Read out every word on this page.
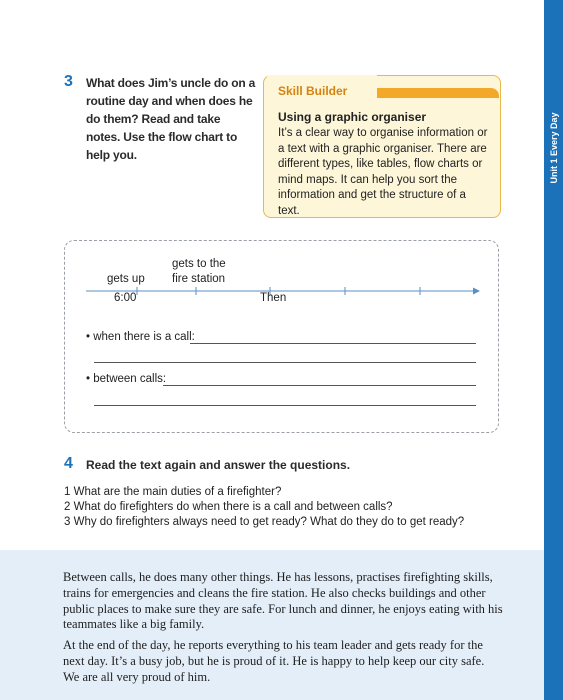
Unit 1 Every Day
3 What does Jim’s uncle do on a routine day and when does he do them? Read and take notes. Use the flow chart to help you.
Skill Builder
Using a graphic organiser
It’s a clear way to organise information or a text with a graphic organiser. There are different types, like tables, flow charts or mind maps. It can help you sort the information and get the structure of a text.
gets up
gets to the
fire station
6:00	Then
• when there is a call:
• between calls:
4 Read the text again and answer the questions.
1 What are the main duties of a firefighter?
2 What do firefighters do when there is a call and between calls?
3 Why do firefighters always need to get ready? What do they do to get ready?
Between calls, he does many other things. He has lessons, practises firefighting skills, trains for emergencies and cleans the fire station. He also checks buildings and other public places to make sure they are safe. For lunch and dinner, he enjoys eating with his teammates like a big family.
At the end of the day, he reports everything to his team leader and gets ready for the next day. It’s a busy job, but he is proud of it. He is happy to help keep our city safe. We are all very proud of him.
